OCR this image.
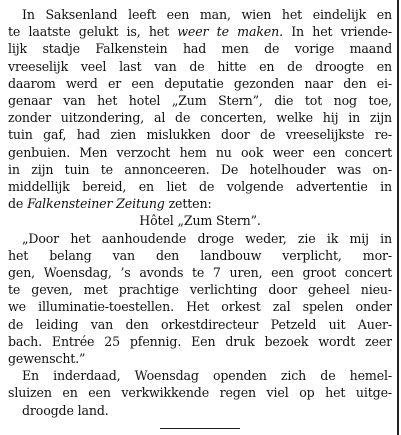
In Saksenland leeft een man, wien het eindelijk en
te laatste gelukt is, het weer te maken. In het vriende-
lijk stadje Falkenstein had men de vorige maand
vreeselijk veel last van de hitte en de droogte en
daarom werd er een deputatie gezonden naar den ei-
genaar van het hotel „Zum Stern”, die tot nog toe,
zonder uitzondering, al de concerten, welke hij in zijn
tuin gaf, had zien mislukken door de vreeselijkste re-
genbuien. Men verzocht hem nu ook weer een concert
in zijn tuin te annonceeren. De hotelhouder was on-
middellijk bereid, en liet de volgende advertentie in
de Falkensteiner Zeitung zetten:
Hôtel „Zum Stern”.
„Door het aanhoudende droge weder, zie ik mij in
het belang van den landbouw verplicht, mor-
gen, Woensdag, ’s avonds te 7 uren, een groot concert
te geven, met prachtige verlichting door geheel nieu-
we illuminatie-toestellen. Het orkest zal spelen onder
de leiding van den orkestdirecteur Petzeld uit Auer-
bach. Entrée 25 pfennig. Een druk bezoek wordt zeer
gewenscht.”
En inderdaad, Woensdag openden zich de hemel-
sluizen en een verkwikkende regen viel op het uitge-
droogde land.
